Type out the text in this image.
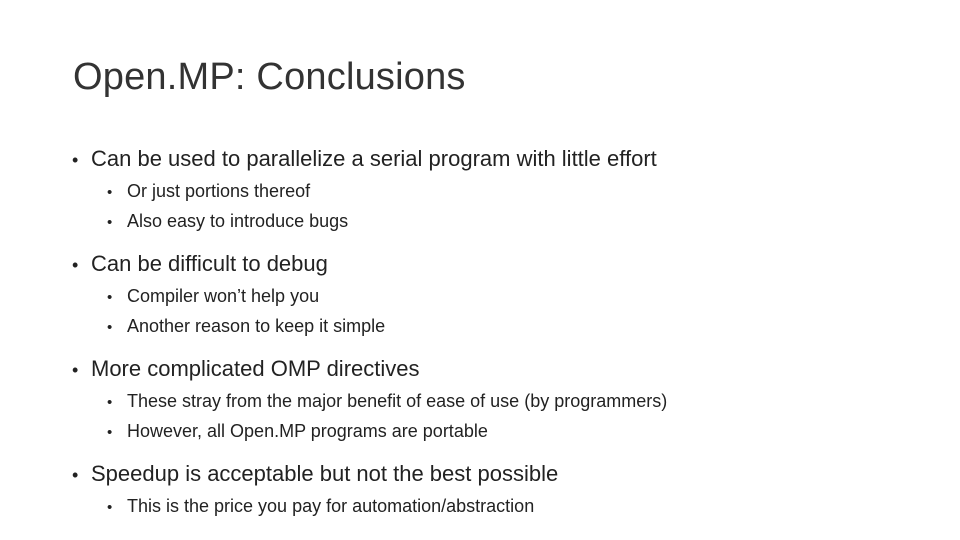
Open.MP: Conclusions
• Can be used to parallelize a serial program with little effort
• Or just portions thereof
• Also easy to introduce bugs
• Can be difficult to debug
• Compiler won’t help you
• Another reason to keep it simple
• More complicated OMP directives
• These stray from the major benefit of ease of use (by programmers)
• However, all Open.MP programs are portable
• Speedup is acceptable but not the best possible
• This is the price you pay for automation/abstraction
